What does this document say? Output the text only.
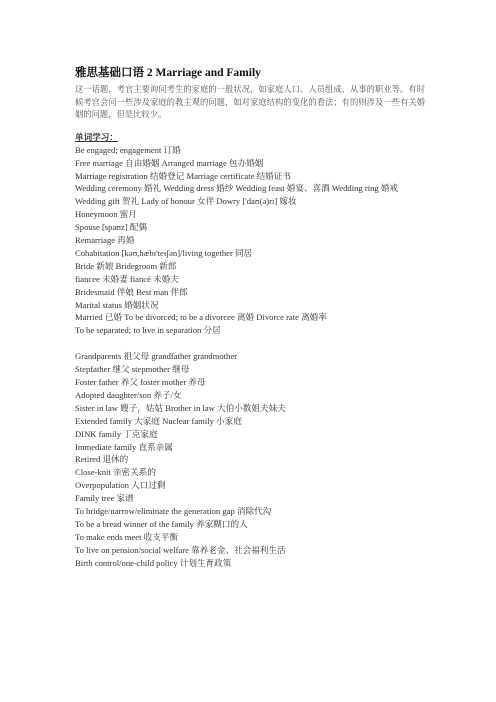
雅思基础口语 2 Marriage and Family
这一话题，考官主要询问考生的家庭的一般状况，如家庭人口、人员组成、从事的职业等。有时候考官会问一些涉及家庭的教主观的问题，如对家庭结构的变化的看法；有的则涉及一些有关婚姻的问题，但是比较少。
单词学习：
Be engaged; engagement 订婚
Free marriage 自由婚姻 Arranged marriage 包办婚姻
Marriage registration 结婚登记 Marriage certificate 结婚证书
Wedding ceremony 婚礼 Wedding dress 婚纱 Wedding feast 婚宴、喜酒 Wedding ring 婚戒
Wedding gift 贺礼 Lady of honour 女伴 Dowry ['daʊ(ə)rɪ] 嫁妆
Honeymoon 蜜月
Spouse [spaʊz] 配偶
Remarriage 再婚
Cohabitation [kəʊ,hæbɪ'teɪʃən]/living together 同居
Bride 新娘 Bridegroom 新郎
fiancee 未婚妻 fiancé 未婚夫
Bridesmaid 伴娘 Best man 伴郎
Marital status 婚姻状况
Married 已婚 To be divorced; to be a divorcee 离婚 Divorce rate 离婚率
To be separated; to live in separation 分居
Grandparents 祖父母 grandfather grandmother
Stepfather 继父 stepmother 继母
Foster father 养父 foster mother 养母
Adopted daughter/son 养子/女
Sister in law 嫂子，姑姑 Brother in law 大伯小数姐夫妹夫
Extended family 大家庭 Nuclear family 小家庭
DINK family 丁克家庭
Immediate family 直系亲属
Retired 退休的
Close-knit 亲密关系的
Overpopulation 人口过剩
Family tree 家谱
To bridge/narrow/eliminate the generation gap 消除代沟
To be a bread winner of the family 养家糊口的人
To make ends meet 收支平衡
To live on pension/social welfare 靠养老金、社会福利生活
Birth control/one-child policy 计划生育政策
